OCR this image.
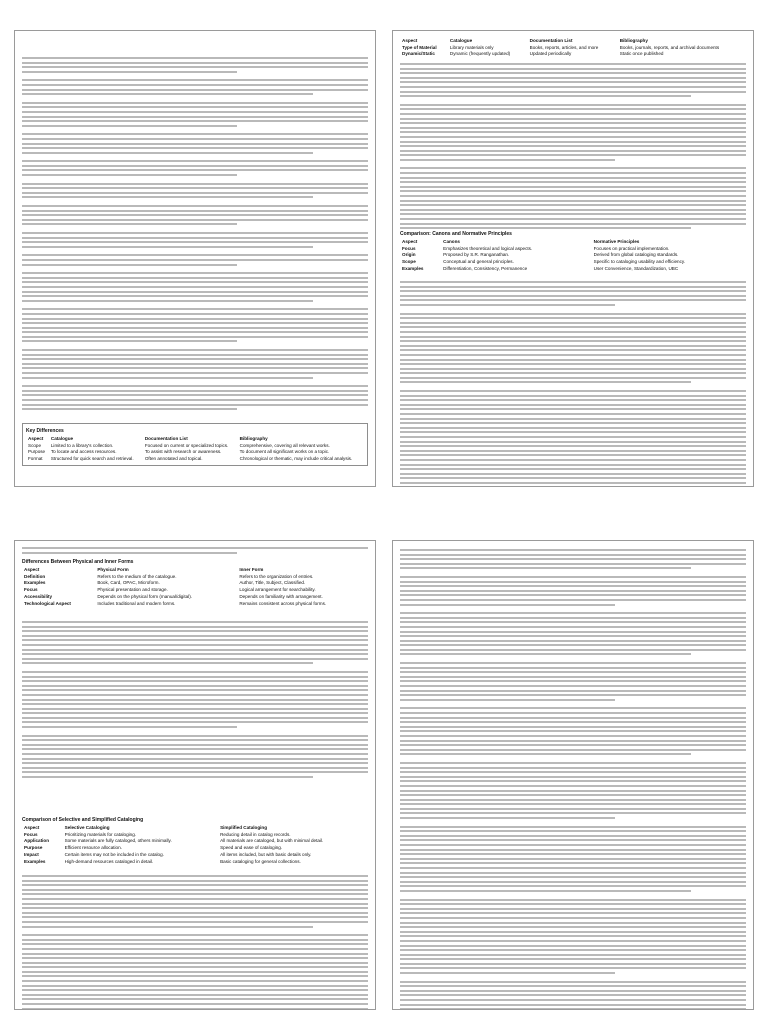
Key Differences
Aspect	Catalogue	Documentation List	Bibliography
Scope	Limited to a library's collection.	Focused on current or specialized topics.	Comprehensive, covering all relevant works.
Purpose	To locate and access resources.	To assist with research or awareness.	To document all significant works on a topic.
Format	Structured for quick search and retrieval.	Often annotated and topical.	Chronological or thematic, may include critical analysis.
Aspect	Catalogue	Documentation List	Bibliography
Type of Material	Library materials only	Books, reports, articles, and more	Books, journals, reports, and archival documents
Dynamic/Static	Dynamic (frequently updated)	Updated periodically	Static once published
Comparison: Canons and Normative Principles
Aspect	Canons	Normative Principles
Focus	Emphasizes theoretical and logical aspects.	Focuses on practical implementation.
Origin	Proposed by S.R. Ranganathan.	Derived from global cataloging standards.
Scope	Conceptual and general principles.	Specific to cataloging usability and efficiency.
Examples	Differentiation, Consistency, Permanence	User Convenience, Standardization, UBC
Differences Between Physical and Inner Forms
Aspect	Physical Form	Inner Form
Definition	Refers to the medium of the catalogue.	Refers to the organization of entries.
Examples	Book, Card, OPAC, Microform.	Author, Title, Subject, Classified.
Focus	Physical presentation and storage.	Logical arrangement for searchability.
Accessibility	Depends on the physical form (manual/digital).	Depends on familiarity with arrangement.
Technological Aspect	Includes traditional and modern forms.	Remains consistent across physical forms.
Comparison of Selective and Simplified Cataloging
Aspect	Selective Cataloging	Simplified Cataloging
Focus	Prioritizing materials for cataloging.	Reducing detail in catalog records.
Application	Some materials are fully cataloged, others minimally.	All materials are cataloged, but with minimal detail.
Purpose	Efficient resource allocation.	Speed and ease of cataloging.
Impact	Certain items may not be included in the catalog.	All items included, but with basic details only.
Examples	High-demand resources cataloged in detail.	Basic cataloging for general collections.
